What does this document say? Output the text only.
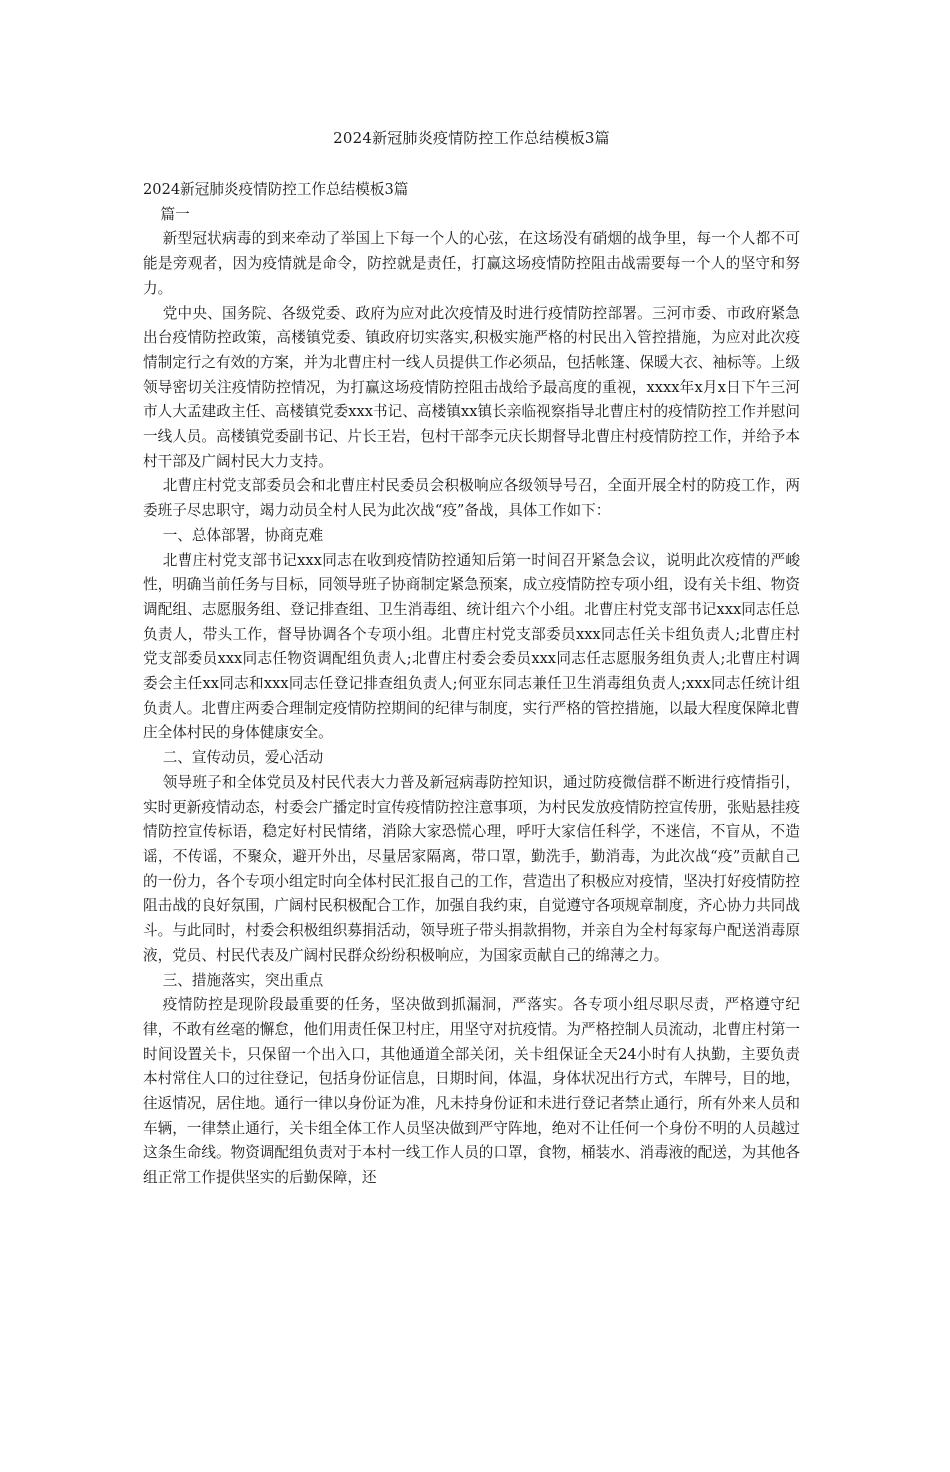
2024新冠肺炎疫情防控工作总结模板3篇

2024新冠肺炎疫情防控工作总结模板3篇

篇一

新型冠状病毒的到来牵动了举国上下每一个人的心弦，在这场没有硝烟的战争里，每一个人都不可能是旁观者，因为疫情就是命令，防控就是责任，打赢这场疫情防控阻击战需要每一个人的坚守和努力。

党中央、国务院、各级党委、政府为应对此次疫情及时进行疫情防控部署。三河市委、市政府紧急出台疫情防控政策，高楼镇党委、镇政府切实落实,积极实施严格的村民出入管控措施，为应对此次疫情制定行之有效的方案，并为北曹庄村一线人员提供工作必须品，包括帐篷、保暖大衣、袖标等。上级领导密切关注疫情防控情况，为打赢这场疫情防控阻击战给予最高度的重视，xxxx年x月x日下午三河市人大孟建政主任、高楼镇党委xxx书记、高楼镇xx镇长亲临视察指导北曹庄村的疫情防控工作并慰问一线人员。高楼镇党委副书记、片长王岩，包村干部李元庆长期督导北曹庄村疫情防控工作，并给予本村干部及广阔村民大力支持。

北曹庄村党支部委员会和北曹庄村民委员会积极响应各级领导号召，全面开展全村的防疫工作，两委班子尽忠职守，竭力动员全村人民为此次战“疫”备战，具体工作如下：

一、总体部署，协商克难

北曹庄村党支部书记xxx同志在收到疫情防控通知后第一时间召开紧急会议，说明此次疫情的严峻性，明确当前任务与目标，同领导班子协商制定紧急预案，成立疫情防控专项小组，设有关卡组、物资调配组、志愿服务组、登记排查组、卫生消毒组、统计组六个小组。北曹庄村党支部书记xxx同志任总负责人，带头工作，督导协调各个专项小组。北曹庄村党支部委员xxx同志任关卡组负责人;北曹庄村党支部委员xxx同志任物资调配组负责人;北曹庄村委会委员xxx同志任志愿服务组负责人;北曹庄村调委会主任xx同志和xxx同志任登记排查组负责人;何亚东同志兼任卫生消毒组负责人;xxx同志任统计组负责人。北曹庄两委合理制定疫情防控期间的纪律与制度，实行严格的管控措施，以最大程度保障北曹庄全体村民的身体健康安全。

二、宣传动员，爱心活动

领导班子和全体党员及村民代表大力普及新冠病毒防控知识，通过防疫微信群不断进行疫情指引，实时更新疫情动态，村委会广播定时宣传疫情防控注意事项，为村民发放疫情防控宣传册，张贴悬挂疫情防控宣传标语，稳定好村民情绪，消除大家恐慌心理，呼吁大家信任科学，不迷信，不盲从，不造谣，不传谣，不聚众，避开外出，尽量居家隔离，带口罩，勤洗手，勤消毒，为此次战“疫”贡献自己的一份力，各个专项小组定时向全体村民汇报自己的工作，营造出了积极应对疫情，坚决打好疫情防控阻击战的良好氛围，广阔村民积极配合工作，加强自我约束，自觉遵守各项规章制度，齐心协力共同战斗。与此同时，村委会积极组织募捐活动，领导班子带头捐款捐物，并亲自为全村每家每户配送消毒原液，党员、村民代表及广阔村民群众纷纷积极响应，为国家贡献自己的绵薄之力。

三、措施落实，突出重点

疫情防控是现阶段最重要的任务，坚决做到抓漏洞，严落实。各专项小组尽职尽责，严格遵守纪律，不敢有丝毫的懈怠，他们用责任保卫村庄，用坚守对抗疫情。为严格控制人员流动，北曹庄村第一时间设置关卡，只保留一个出入口，其他通道全部关闭，关卡组保证全天24小时有人执勤，主要负责本村常住人口的过往登记，包括身份证信息，日期时间，体温，身体状况出行方式，车牌号，目的地，往返情况，居住地。通行一律以身份证为准，凡未持身份证和未进行登记者禁止通行，所有外来人员和车辆，一律禁止通行，关卡组全体工作人员坚决做到严守阵地，绝对不让任何一个身份不明的人员越过这条生命线。物资调配组负责对于本村一线工作人员的口罩，食物，桶装水、消毒液的配送，为其他各组正常工作提供坚实的后勤保障，还
